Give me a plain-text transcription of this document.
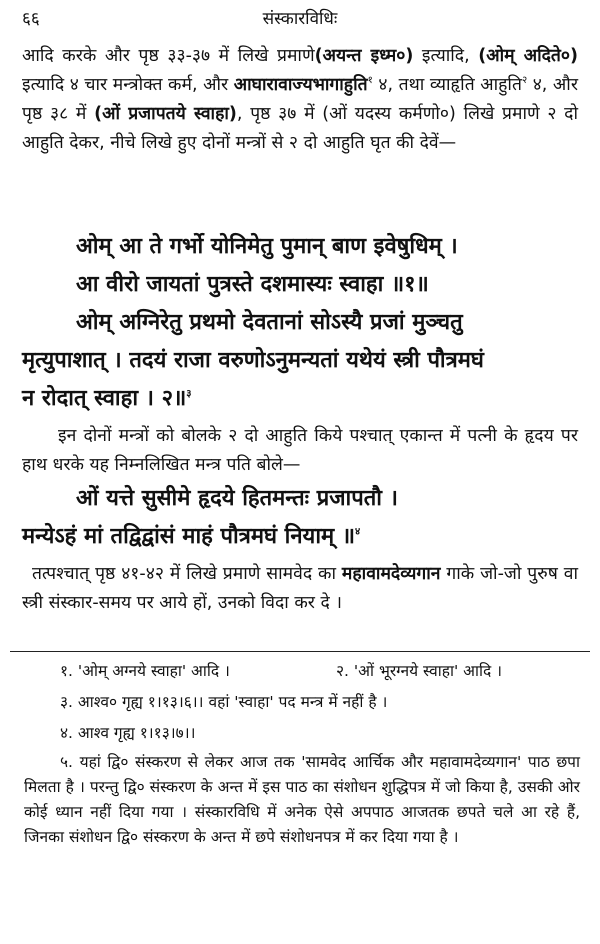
६६	संस्कारविधिः

आदि करके और पृष्ठ ३३-३७ में लिखे प्रमाणे(अयन्त इध्म०) इत्यादि, (ओम् अदिते०) इत्यादि ४ चार मन्त्रोक्त कर्म, और आघारावाज्यभागाहुति$^१$ ४, तथा व्याहृति आहुति$^२$ ४, और पृष्ठ ३८ में (ओं प्रजापतये स्वाहा), पृष्ठ ३७ में (ओं यदस्य कर्मणो०) लिखे प्रमाणे २ दो आहुति देकर, नीचे लिखे हुए दोनों मन्त्रों से २ दो आहुति घृत की देवें—

ओम् आ ते गर्भो योनिमेतु पुमान् बाण इवेषुधिम् ।
आ वीरो जायतां पुत्रस्ते दशमास्यः स्वाहा ॥१॥
ओम् अग्निरेतु प्रथमो देवतानां सोऽस्यै प्रजां मुञ्चतु
मृत्युपाशात् । तदयं राजा वरुणोऽनुमन्यतां यथेयं स्त्री पौत्रमघं
न रोदात् स्वाहा । २॥$^३$

इन दोनों मन्त्रों को बोलके २ दो आहुति किये पश्चात् एकान्त में पत्नी के हृदय पर हाथ धरके यह निम्नलिखित मन्त्र पति बोले—

ओं यत्ते सुसीमे हृदये हितमन्तः प्रजापतौ ।
मन्येऽहं मां तद्विद्वांसं माहं पौत्रमघं नियाम् ॥$^४$

तत्पश्चात् पृष्ठ ४१-४२ में लिखे प्रमाणे सामवेद का महावामदेव्यगान गाके जो-जो पुरुष वा स्त्री संस्कार-समय पर आये हों, उनको विदा कर दे ।

१. 'ओम् अग्नये स्वाहा' आदि ।	२. 'ओं भूरग्नये स्वाहा' आदि ।
३. आश्व० गृह्य १।१३।६।। वहां 'स्वाहा' पद मन्त्र में नहीं है ।
४. आश्व गृह्य १।१३।७।।

५. यहां द्वि० संस्करण से लेकर आज तक 'सामवेद आर्चिक और महावामदेव्यगान' पाठ छपा मिलता है । परन्तु द्वि० संस्करण के अन्त में इस पाठ का संशोधन शुद्धिपत्र में जो किया है, उसकी ओर कोई ध्यान नहीं दिया गया । संस्कारविधि में अनेक ऐसे अपपाठ आजतक छपते चले आ रहे हैं, जिनका संशोधन द्वि० संस्करण के अन्त में छपे संशोधनपत्र में कर दिया गया है ।
